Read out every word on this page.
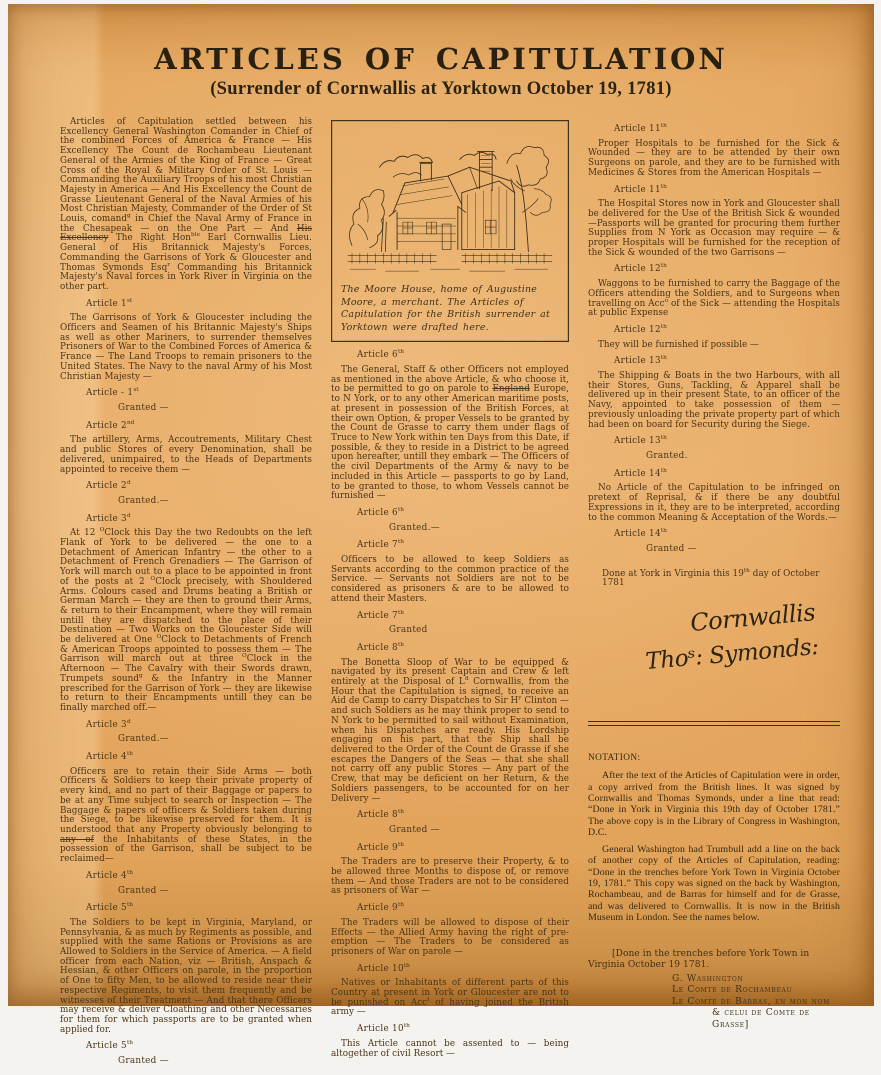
ARTICLES OF CAPITULATION
(Surrender of Cornwallis at Yorktown October 19, 1781)
Articles of Capitulation settled between his Excellency General Washington Comander in Chief of the combined Forces of America & France — His Excellency The Count de Rochambeau Lieutenant General of the Armies of the King of France — Great Cross of the Royal & Military Order of St. Louis — Commanding the Auxiliary Troops of his most Christian Majesty in America — And His Excellency the Count de Grasse Lieutenant General of the Naval Armies of his Most Christian Majesty, Commander of the Order of St Louis, comand$^g$ in Chief the Naval Army of France in the Chesapeak — on the One Part — And His Excellency The Right Hon$^{ble}$ Earl Cornwallis Lieu. General of His Britannick Majesty's Forces, Commanding the Garrisons of York & Gloucester and Thomas Symonds Esq$^r$ Commanding his Britannick Majesty's Naval forces in York River in Virginia on the other part.
Article 1st
The Garrisons of York & Gloucester including the Officers and Seamen of his Britannic Majesty's Ships as well as other Mariners, to surrender themselves Prisoners of War to the Combined Forces of America & France — The Land Troops to remain prisoners to the United States. The Navy to the naval Army of his Most Christian Majesty —
Article - 1st
Granted —
Article 2nd
The artillery, Arms, Accoutrements, Military Chest and public Stores of every Denomination, shall be delivered, unimpaired, to the Heads of Departments appointed to receive them —
Article 2$^d$
Granted.—
Article 3$^d$
At 12 $^O$Clock this Day the two Redoubts on the left Flank of York to be delivered — the one to a Detachment of American Infantry — the other to a Detachment of French Grenadiers — The Garrison of York will march out to a place to be appointed in front of the posts at 2 $^O$Clock precisely, with Shouldered Arms. Colours cased and Drums beating a British or German March — they are then to ground their Arms, & return to their Encampment, where they will remain untill they are dispatched to the place of their Destination — Two Works on the Gloucester Side will be delivered at One $^O$Clock to Detachments of French & American Troops appointed to possess them — The Garrison will march out at three $^O$Clock in the Afternoon — The Cavalry with their Swords drawn, Trumpets sound$^g$ & the Infantry in the Manner prescribed for the Garrison of York — they are likewise to return to their Encampments untill they can be finally marched off.—
Article 3$^d$
Granted.—
Article 4th
Officers are to retain their Side Arms — both Officers & Soldiers to keep their private property of every kind, and no part of their Baggage or papers to be at any Time subject to search or Inspection — The Baggage & papers of officers & Soldiers taken during the Siege, to be likewise preserved for them. It is understood that any Property obviously belonging to any of the Inhabitants of these States, in the possession of the Garrison, shall be subject to be reclaimed—
Article 4th
Granted —
Article 5th
The Soldiers to be kept in Virginia, Maryland, or Pennsylvania, & as much by Regiments as possible, and supplied with the same Rations or Provisions as are Allowed to Soldiers in the Service of America. — A field officer from each Nation, viz — British, Anspach & Hessian, & other Officers on parole, in the proportion of One to fifty Men, to be allowed to reside near their respective Regiments, to visit them frequently and be witnesses of their Treatment — And that there Officers may receive & deliver Cloathing and other Necessaries for them for which passports are to be granted when applied for.
Article 5th
Granted —
The Moore House, home of Augustine Moore, a merchant. The Articles of Capitulation for the British surrender at Yorktown were drafted here.
Article 6th
The General, Staff & other Officers not employed as mentioned in the above Article, & who choose it, to be permitted to go on parole to England Europe, to N York, or to any other American maritime posts, at present in possession of the British Forces, at their own Option, & proper Vessels to be granted by the Count de Grasse to carry them under flags of Truce to New York within ten Days from this Date, if possible, & they to reside in a District to be agreed upon hereafter, untill they embark — The Officers of the civil Departments of the Army & navy to be included in this Article — passports to go by Land, to be granted to those, to whom Vessels cannot be furnished —
Article 6th
Granted.—
Article 7th
Officers to be allowed to keep Soldiers as Servants according to the common practice of the Service. — Servants not Soldiers are not to be considered as prisoners & are to be allowed to attend their Masters.
Article 7th
Granted
Article 8th
The Bonetta Sloop of War to be equipped & navigated by its present Captain and Crew & left entirely at the Disposal of $L^d$ Cornwallis, from the Hour that the Capitulation is signed, to receive an Aid de Camp to carry Dispatches to Sir $H^y$ Clinton — and such Soldiers as he may think proper to send to N York to be permitted to sail without Examination, when his Dispatches are ready. His Lordship engaging on his part, that the Ship shall be delivered to the Order of the Count de Grasse if she escapes the Dangers of the Seas — that she shall not carry off any public Stores — Any part of the Crew, that may be deficient on her Return, & the Soldiers passengers, to be accounted for on her Delivery —
Article 8th
Granted —
Article 9th
The Traders are to preserve their Property, & to be allowed three Months to dispose of, or remove them — And those Traders are not to be considered as prisoners of War —
Article 9th
The Traders will be allowed to dispose of their Effects — the Allied Army having the right of pre-emption — The Traders to be considered as prisoners of War on parole —
Article 10th
Natives or Inhabitants of different parts of this Country at present in York or Gloucester are not to be punished on Acc$^t$ of having joined the British army —
Article 10th
This Article cannot be assented to — being altogether of civil Resort —
Article 11th
Proper Hospitals to be furnished for the Sick & Wounded — they are to be attended by their own Surgeons on parole, and they are to be furnished with Medicines & Stores from the American Hospitals —
Article 11th
The Hospital Stores now in York and Gloucester shall be delivered for the Use of the British Sick & wounded —Passports will be granted for procuring them further Supplies from N York as Occasion may require — & proper Hospitals will be furnished for the reception of the Sick & wounded of the two Garrisons —
Article 12th
Waggons to be furnished to carry the Baggage of the Officers attending the Soldiers, and to Surgeons when travelling on Acc$^o$ of the Sick — attending the Hospitals at public Expense
Article 12th
They will be furnished if possible —
Article 13th
The Shipping & Boats in the two Harbours, with all their Stores, Guns, Tackling, & Apparel shall be delivered up in their present State, to an officer of the Navy, appointed to take possession of them — previously unloading the private property part of which had been on board for Security during the Siege.
Article 13th
Granted.
Article 14th
No Article of the Capitulation to be infringed on pretext of Reprisal, & if there be any doubtful Expressions in it, they are to be interpreted, according to the common Meaning & Acceptation of the Words.—
Article 14th
Granted —
Done at York in Virginia this 19th day of October 1781
Cornwallis
Thoˢ: Symonds:
NOTATION:
After the text of the Articles of Capitulation were in order, a copy arrived from the British lines. It was signed by Cornwallis and Thomas Symonds, under a line that read: “Done in York in Virginia this 19th day of October 1781.” The above copy is in the Library of Congress in Washington, D.C.
General Washington had Trumbull add a line on the back of another copy of the Articles of Capitulation, reading: “Done in the trenches before York Town in Virginia October 19, 1781.” This copy was signed on the back by Washington, Rochambeau, and de Barras for himself and for de Grasse, and was delivered to Cornwallis. It is now in the British Museum in London. See the names below.
[Done in the trenches before York Town in Virginia October 19 1781.
G. Washington
Le Comte de Rochambeau
Le Comte de Barras, en mon nom
& celui de Comte de Grasse]
